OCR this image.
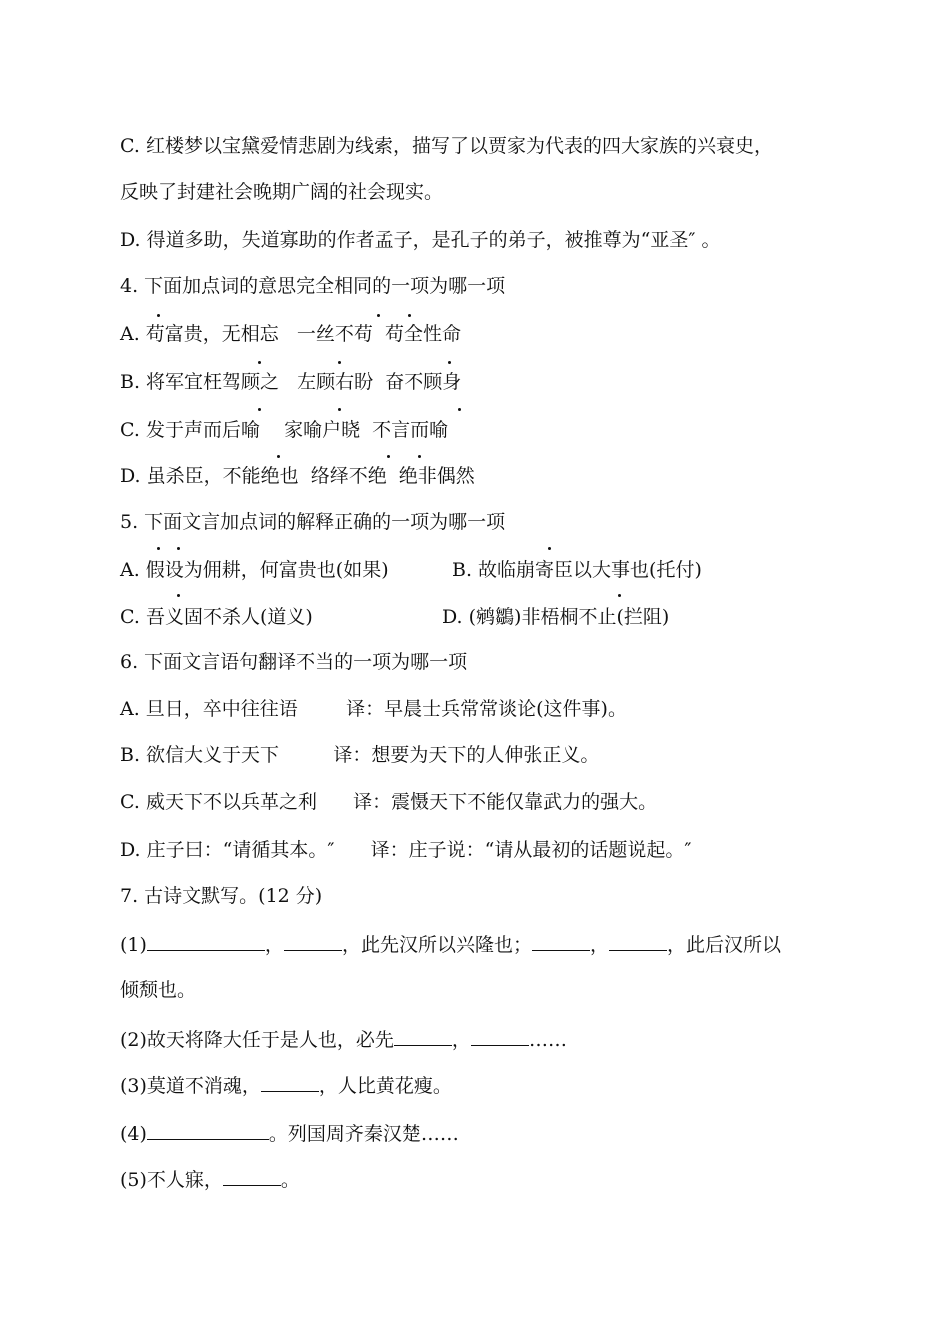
C. 红楼梦以宝黛爱情悲剧为线索，描写了以贾家为代表的四大家族的兴衰史，
反映了封建社会晚期广阔的社会现实。
D. 得道多助，失道寡助的作者孟子，是孔子的弟子，被推尊为“亚圣″ 。
4. 下面加点词的意思完全相同的一项为哪一项
A. 苟富贵，无相忘   一丝不苟  苟全性命
B. 将军宜枉驾顾之   左顾右盼  奋不顾身
C. 发于声而后喻    家喻户晓  不言而喻
D. 虽杀臣，不能绝也  络绎不绝  绝非偶然
5. 下面文言加点词的解释正确的一项为哪一项
A. 假设为佣耕，何富贵也(如果)	B. 故临崩寄臣以大事也(托付)
C. 吾义固不杀人(道义)	D. (鹓鶵)非梧桐不止(拦阻)
6. 下面文言语句翻译不当的一项为哪一项
A. 旦日，卒中往往语        译：早晨士兵常常谈论(这件事)。
B. 欲信大义于天下         译：想要为天下的人伸张正义。
C. 威天下不以兵革之利      译：震慑天下不能仅靠武力的强大。
D. 庄子曰：“请循其本。″      译：庄子说：“请从最初的话题说起。″
7. 古诗文默写。(12 分)
(1)	，	，此先汉所以兴隆也；	，	，此后汉所以
倾颓也。
(2)故天将降大任于是人也，必先	，	……
(3)莫道不消魂，	，人比黄花瘦。
(4)	。列国周齐秦汉楚……
(5)不人寐，	。
